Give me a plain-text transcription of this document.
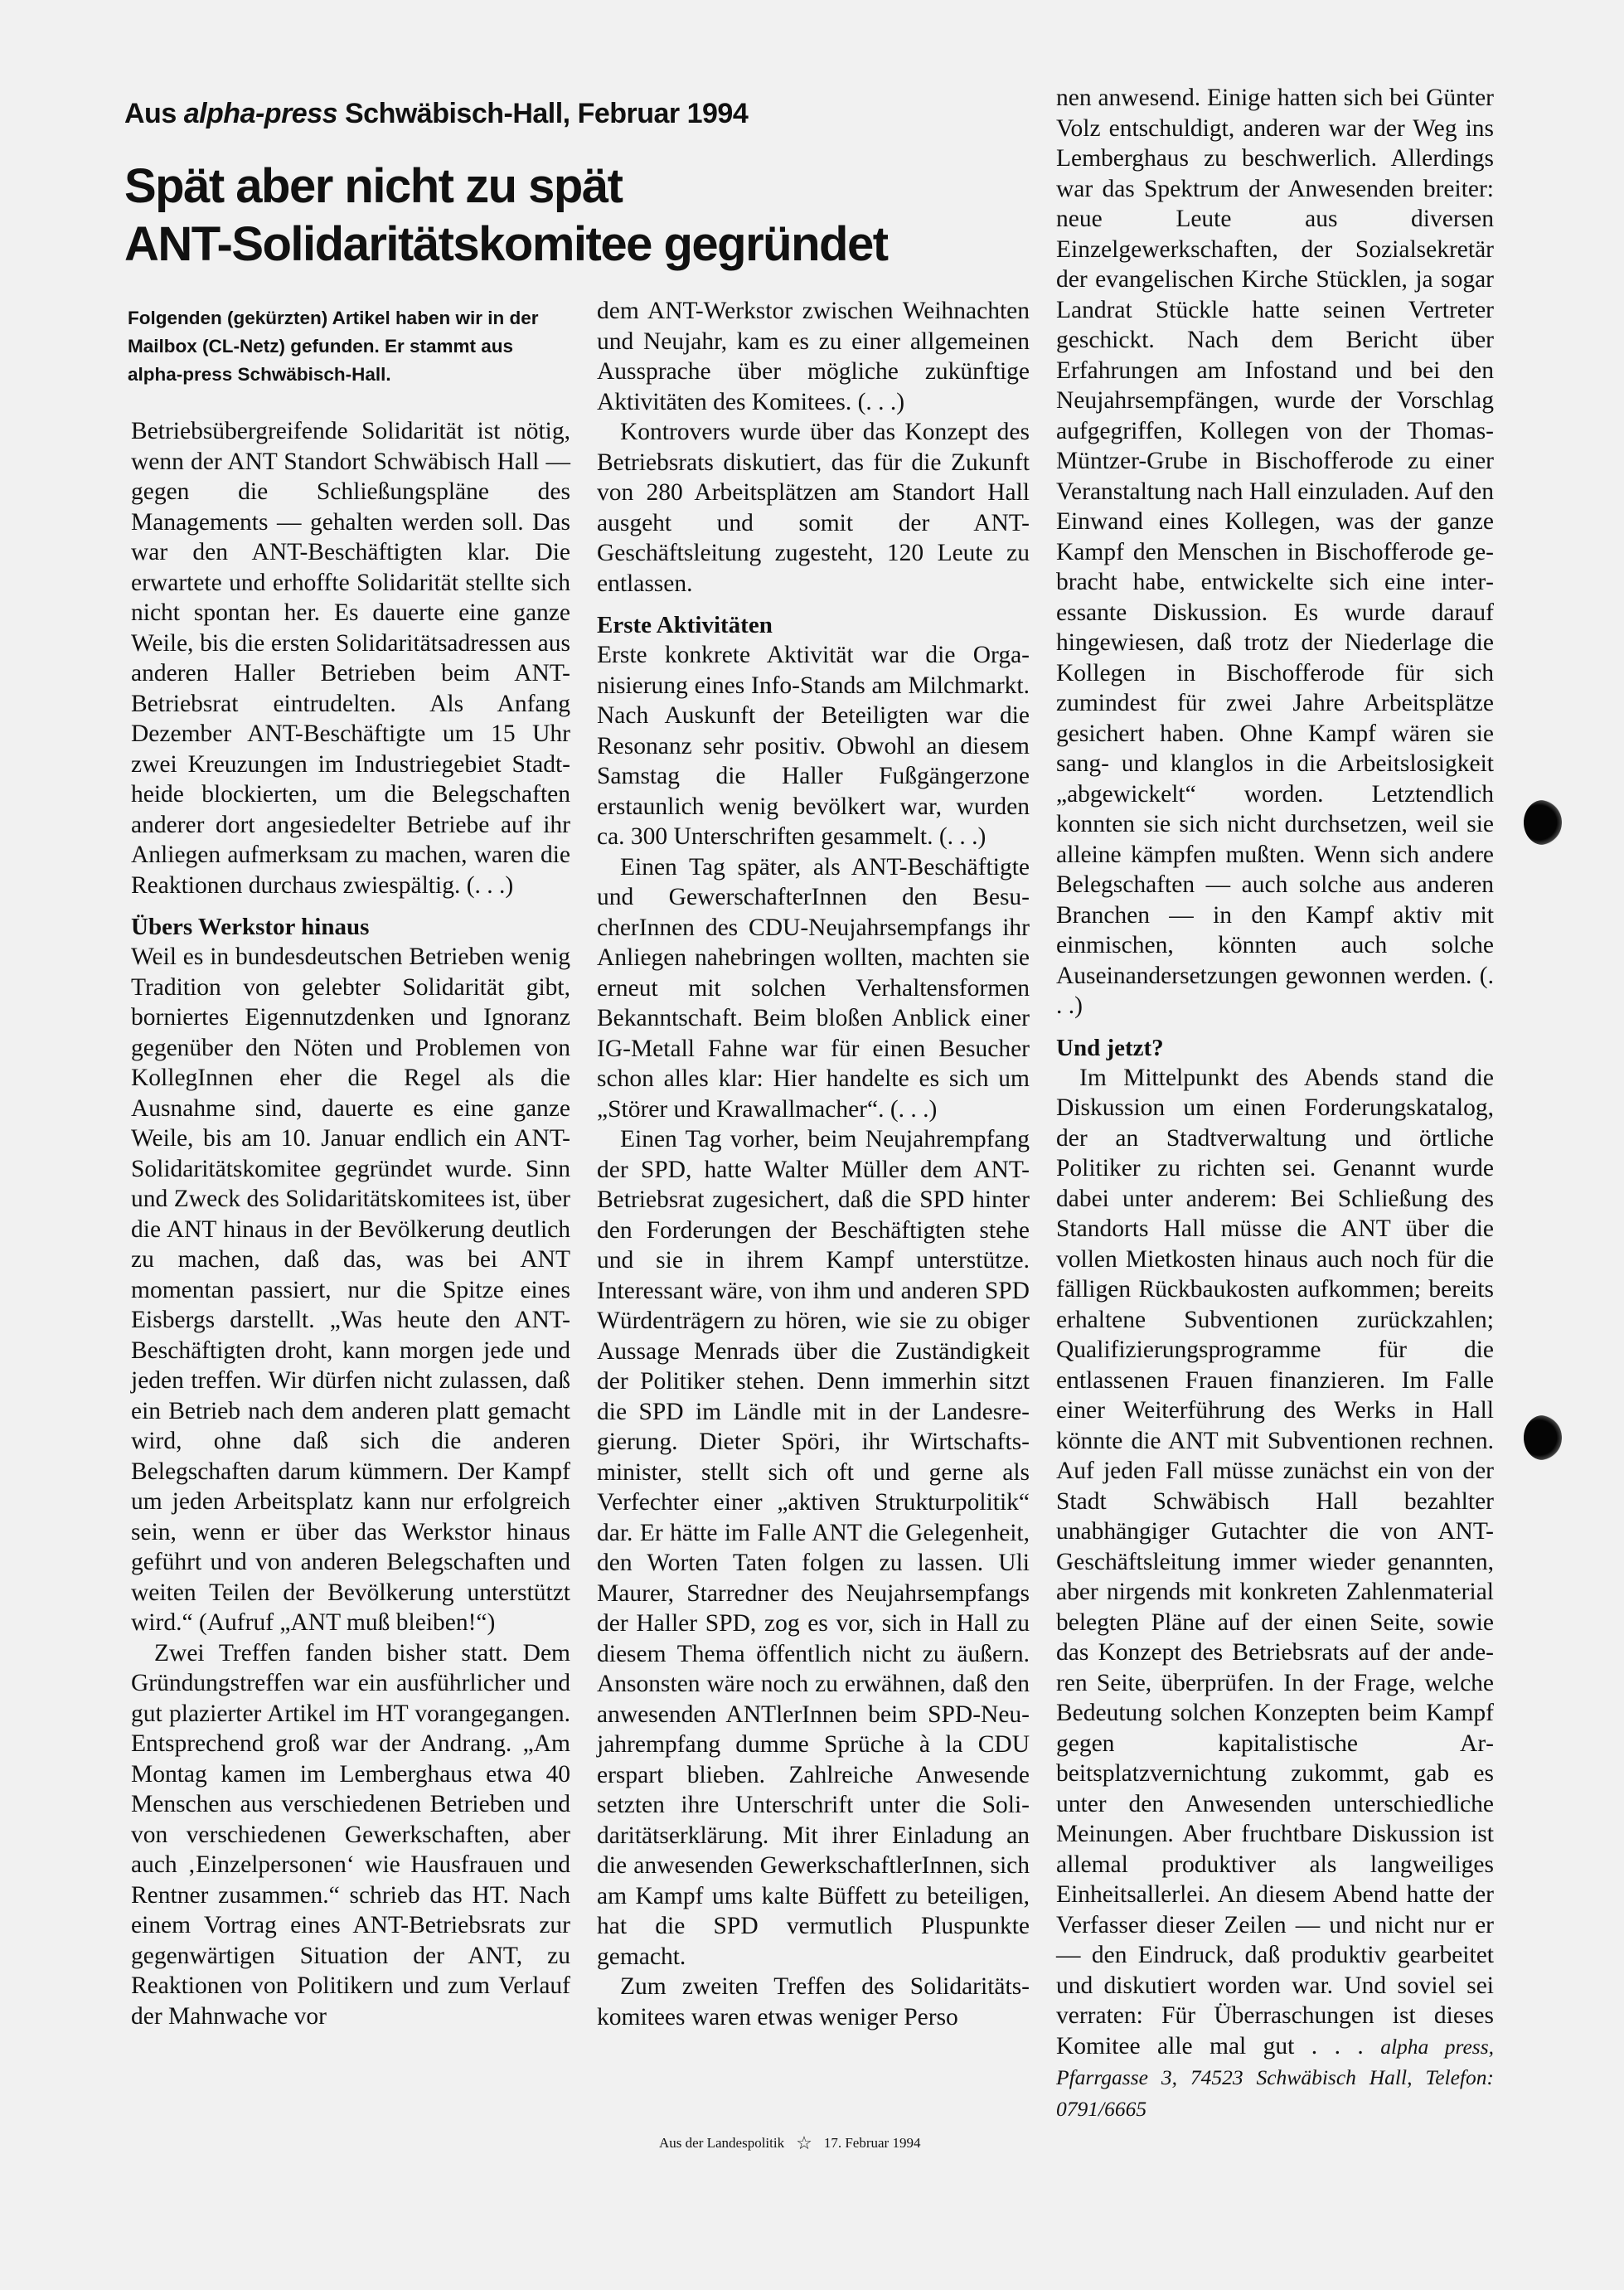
Aus alpha-press Schwäbisch-Hall, Februar 1994
Spät aber nicht zu spät
ANT-Solidaritätskomitee gegründet

Folgenden (gekürzten) Artikel haben wir in der Mailbox (CL-Netz) gefunden. Er stammt aus alpha-press Schwäbisch-Hall.

Betriebsübergreifende Solidarität ist nötig, wenn der ANT Standort Schwäbisch Hall — gegen die Schließungspläne des Managements — gehalten werden soll. Das war den ANT-Beschäftigten klar. Die erwartete und erhoffte Solidarität stellte sich nicht spontan her. Es dauerte eine ganze Weile, bis die ersten Solidaritätsadressen aus anderen Haller Betrieben beim ANT-Betriebsrat eintrudelten. Als Anfang Dezember ANT-Beschäftigte um 15 Uhr zwei Kreuzungen im Industriegebiet Stadtheide blockierten, um die Belegschaften anderer dort angesiedelter Betriebe auf ihr Anliegen aufmerksam zu machen, waren die Reaktionen durchaus zwiespältig. (. . .)

Übers Werkstor hinaus

Weil es in bundesdeutschen Betrieben wenig Tradition von gelebter Solidarität gibt, borniertes Eigennutzdenken und Ignoranz gegenüber den Nöten und Problemen von KollegInnen eher die Regel als die Ausnahme sind, dauerte es eine ganze Weile, bis am 10. Januar endlich ein ANT-Solidaritätskomitee gegründet wurde. Sinn und Zweck des Solidaritätskomitees ist, über die ANT hinaus in der Bevölkerung deutlich zu machen, daß das, was bei ANT momentan passiert, nur die Spitze eines Eisbergs darstellt. „Was heute den ANT-Beschäftigten droht, kann morgen jede und jeden treffen. Wir dürfen nicht zulassen, daß ein Betrieb nach dem anderen platt gemacht wird, ohne daß sich die anderen Belegschaften darum kümmern. Der Kampf um jeden Arbeitsplatz kann nur erfolgreich sein, wenn er über das Werkstor hinaus geführt und von anderen Belegschaften und weiten Teilen der Bevölkerung unterstützt wird.“ (Aufruf „ANT muß bleiben!“)

Zwei Treffen fanden bisher statt. Dem Gründungstreffen war ein ausführlicher und gut plazierter Artikel im HT vorangegangen. Entsprechend groß war der Andrang. „Am Montag kamen im Lemberghaus etwa 40 Menschen aus verschiedenen Betrieben und von verschiedenen Gewerkschaften, aber auch ‚Einzelpersonen‘ wie Hausfrauen und Rentner zusammen.“ schrieb das HT. Nach einem Vortrag eines ANT-Betriebsrats zur gegenwärtigen Situation der ANT, zu Reaktionen von Politikern und zum Verlauf der Mahnwache vor

dem ANT-Werkstor zwischen Weihnachten und Neujahr, kam es zu einer allgemeinen Aussprache über mögliche zukünftige Aktivitäten des Komitees. (. . .)

Kontrovers wurde über das Konzept des Betriebsrats diskutiert, das für die Zukunft von 280 Arbeitsplätzen am Standort Hall ausgeht und somit der ANT-Geschäftsleitung zugesteht, 120 Leute zu entlassen.

Erste Aktivitäten

Erste konkrete Aktivität war die Organisierung eines Info-Stands am Milchmarkt. Nach Auskunft der Beteiligten war die Resonanz sehr positiv. Obwohl an diesem Samstag die Haller Fußgängerzone erstaunlich wenig bevölkert war, wurden ca. 300 Unterschriften gesammelt. (. . .)

Einen Tag später, als ANT-Beschäftigte und GewerschafterInnen den BesucherInnen des CDU-Neujahrsempfangs ihr Anliegen nahebringen wollten, machten sie erneut mit solchen Verhaltensformen Bekanntschaft. Beim bloßen Anblick einer IG-Metall Fahne war für einen Besucher schon alles klar: Hier handelte es sich um „Störer und Krawallmacher“. (. . .)

Einen Tag vorher, beim Neujahrempfang der SPD, hatte Walter Müller dem ANT-Betriebsrat zugesichert, daß die SPD hinter den Forderungen der Beschäftigten stehe und sie in ihrem Kampf unterstütze. Interessant wäre, von ihm und anderen SPD Würdenträgern zu hören, wie sie zu obiger Aussage Menrads über die Zuständigkeit der Politiker stehen. Denn immerhin sitzt die SPD im Ländle mit in der Landesregierung. Dieter Spöri, ihr Wirtschaftsminister, stellt sich oft und gerne als Verfechter einer „aktiven Strukturpolitik“ dar. Er hätte im Falle ANT die Gelegenheit, den Worten Taten folgen zu lassen. Uli Maurer, Starredner des Neujahrsempfangs der Haller SPD, zog es vor, sich in Hall zu diesem Thema öffentlich nicht zu äußern. Ansonsten wäre noch zu erwähnen, daß den anwesenden ANTlerInnen beim SPD-Neujahrempfang dumme Sprüche à la CDU erspart blieben. Zahlreiche Anwesende setzten ihre Unterschrift unter die Solidaritätserklärung. Mit ihrer Einladung an die anwesenden GewerkschaftlerInnen, sich am Kampf ums kalte Büffett zu beteiligen, hat die SPD vermutlich Pluspunkte gemacht.

Zum zweiten Treffen des Solidaritätskomitees waren etwas weniger Perso

nen anwesend. Einige hatten sich bei Günter Volz entschuldigt, anderen war der Weg ins Lemberghaus zu beschwerlich. Allerdings war das Spektrum der Anwesenden breiter: neue Leute aus diversen Einzelgewerkschaften, der Sozialsekretär der evangelischen Kirche Stücklen, ja sogar Landrat Stückle hatte seinen Vertreter geschickt. Nach dem Bericht über Erfahrungen am Infostand und bei den Neujahrsempfängen, wurde der Vorschlag aufgegriffen, Kollegen von der Thomas-Müntzer-Grube in Bischofferode zu einer Veranstaltung nach Hall einzuladen. Auf den Einwand eines Kollegen, was der ganze Kampf den Menschen in Bischofferode gebracht habe, entwickelte sich eine interessante Diskussion. Es wurde darauf hingewiesen, daß trotz der Niederlage die Kollegen in Bischofferode für sich zumindest für zwei Jahre Arbeitsplätze gesichert haben. Ohne Kampf wären sie sang- und klanglos in die Arbeitslosigkeit „abgewickelt“ worden. Letztendlich konnten sie sich nicht durchsetzen, weil sie alleine kämpfen mußten. Wenn sich andere Belegschaften — auch solche aus anderen Branchen — in den Kampf aktiv mit einmischen, könnten auch solche Auseinandersetzungen gewonnen werden. (. . .)

Und jetzt?

Im Mittelpunkt des Abends stand die Diskussion um einen Forderungskatalog, der an Stadtverwaltung und örtliche Politiker zu richten sei. Genannt wurde dabei unter anderem: Bei Schließung des Standorts Hall müsse die ANT über die vollen Mietkosten hinaus auch noch für die fälligen Rückbaukosten aufkommen; bereits erhaltene Subventionen zurückzahlen; Qualifizierungsprogramme für die entlassenen Frauen finanzieren. Im Falle einer Weiterführung des Werks in Hall könnte die ANT mit Subventionen rechnen. Auf jeden Fall müsse zunächst ein von der Stadt Schwäbisch Hall bezahlter unabhängiger Gutachter die von ANT-Geschäftsleitung immer wieder genannten, aber nirgends mit konkreten Zahlenmaterial belegten Pläne auf der einen Seite, sowie das Konzept des Betriebsrats auf der anderen Seite, überprüfen. In der Frage, welche Bedeutung solchen Konzepten beim Kampf gegen kapitalistische Arbeitsplatzvernichtung zukommt, gab es unter den Anwesenden unterschiedliche Meinungen. Aber fruchtbare Diskussion ist allemal produktiver als langweiliges Einheitsallerlei. An diesem Abend hatte der Verfasser dieser Zeilen — und nicht nur er — den Eindruck, daß produktiv gearbeitet und diskutiert worden war. Und soviel sei verraten: Für Überraschungen ist dieses Komitee alle mal gut . . . alpha press, Pfarrgasse 3, 74523 Schwäbisch Hall, Telefon: 0791/6665

Aus der Landespolitik ☆ 17. Februar 1994
